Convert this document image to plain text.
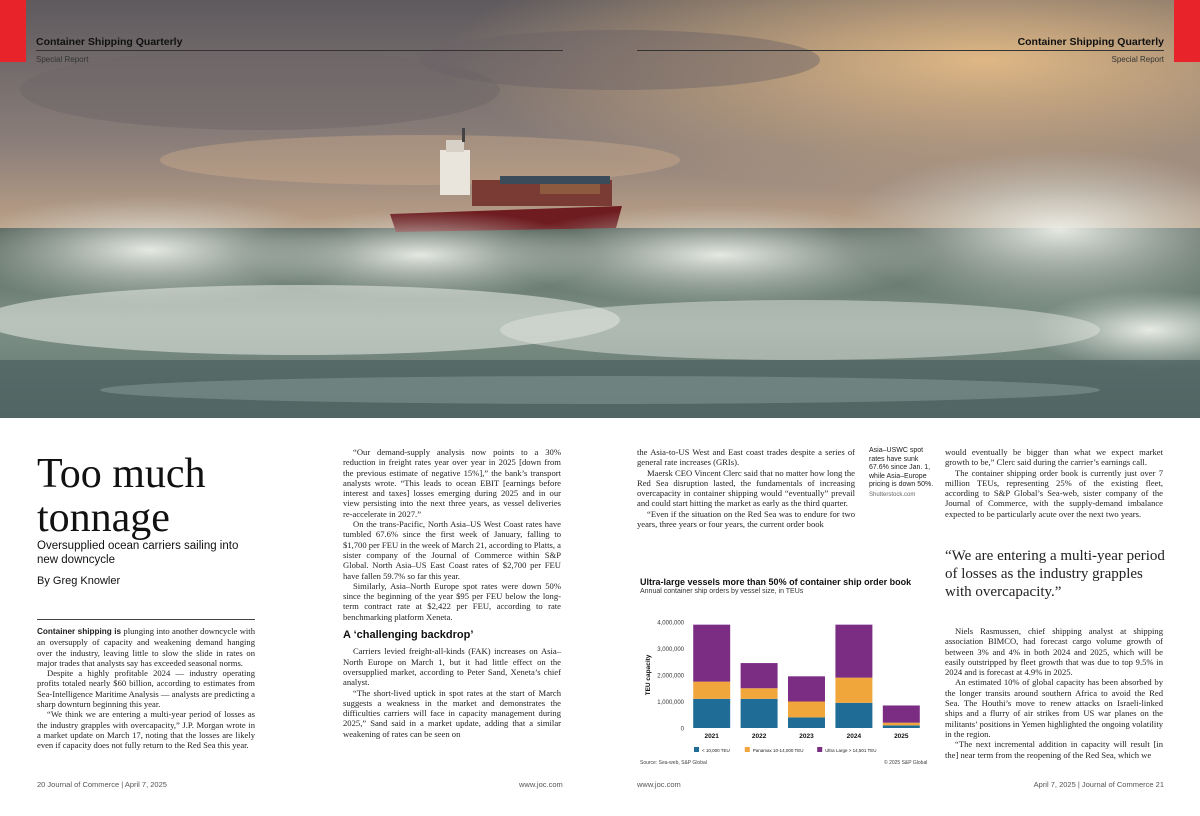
Container Shipping Quarterly
Special Report
Container Shipping Quarterly
Special Report
Too much
tonnage
Oversupplied ocean carriers sailing into new downcycle
By Greg Knowler

Container shipping is plunging into another downcycle with an oversupply of capacity and weakening demand hanging over the industry, leaving little to slow the slide in rates on major trades that analysts say has exceeded seasonal norms.

Despite a highly profitable 2024 — industry operating profits totaled nearly $60 billion, according to estimates from Sea-Intelligence Maritime Analysis — analysts are predicting a sharp downturn beginning this year.

“We think we are entering a multi-year period of losses as the industry grapples with overcapacity,” J.P. Morgan wrote in a market update on March 17, noting that the losses are likely even if capacity does not fully return to the Red Sea this year.

“Our demand-supply analysis now points to a 30% reduction in freight rates year over year in 2025 [down from the previous estimate of negative 15%],” the bank’s transport analysts wrote. “This leads to ocean EBIT [earnings before interest and taxes] losses emerging during 2025 and in our view persisting into the next three years, as vessel deliveries re-accelerate in 2027.”

On the trans-Pacific, North Asia–US West Coast rates have tumbled 67.6% since the first week of January, falling to $1,700 per FEU in the week of March 21, according to Platts, a sister company of the Journal of Commerce within S&P Global. North Asia–US East Coast rates of $2,700 per FEU have fallen 59.7% so far this year.

Similarly, Asia–North Europe spot rates were down 50% since the beginning of the year $95 per FEU below the long-term contract rate at $2,422 per FEU, according to rate benchmarking platform Xeneta.

A ‘challenging backdrop’

Carriers levied freight-all-kinds (FAK) increases on Asia–North Europe on March 1, but it had little effect on the oversupplied market, according to Peter Sand, Xeneta’s chief analyst.

“The short-lived uptick in spot rates at the start of March suggests a weakness in the market and demonstrates the difficulties carriers will face in capacity management during 2025,” Sand said in a market update, adding that a similar weakening of rates can be seen on

the Asia-to-US West and East coast trades despite a series of general rate increases (GRIs).

Maersk CEO Vincent Clerc said that no matter how long the Red Sea disruption lasted, the fundamentals of increasing overcapacity in container shipping would “eventually” prevail and could start hitting the market as early as the third quarter.

“Even if the situation on the Red Sea was to endure for two years, three years or four years, the current order book

Asia–USWC spot rates have sunk 67.6% since Jan. 1, while Asia–Europe pricing is down 50%.
Shutterstock.com
Ultra-large vessels more than 50% of container ship order book
Annual container ship orders by vessel size, in TEUs
0
1,000,000
2,000,000
3,000,000
4,000,000
TEU capacity
2021	2022	2023	2024	2025
< 10,000 TEU	Panamax 10-14,000 TEU	Ultra Large > 14,501 TEU
Source: Sea-web, S&P Global	© 2025 S&P Global

would eventually be bigger than what we expect market growth to be,” Clerc said during the carrier’s earnings call.

The container shipping order book is currently just over 7 million TEUs, representing 25% of the existing fleet, according to S&P Global’s Sea-web, sister company of the Journal of Commerce, with the supply-demand imbalance expected to be particularly acute over the next two years.

“We are entering a multi-year period of losses as the industry grapples with overcapacity.”

Niels Rasmussen, chief shipping analyst at shipping association BIMCO, had forecast cargo volume growth of between 3% and 4% in both 2024 and 2025, which will be easily outstripped by fleet growth that was due to top 9.5% in 2024 and is forecast at 4.9% in 2025.

An estimated 10% of global capacity has been absorbed by the longer transits around southern Africa to avoid the Red Sea. The Houthi’s move to renew attacks on Israeli-linked ships and a flurry of air strikes from US war planes on the militants’ positions in Yemen highlighted the ongoing volatility in the region.

“The next incremental addition in capacity will result [in the] near term from the reopening of the Red Sea, which we

20 Journal of Commerce | April 7, 2025	www.joc.com	www.joc.com	April 7, 2025 | Journal of Commerce 21
